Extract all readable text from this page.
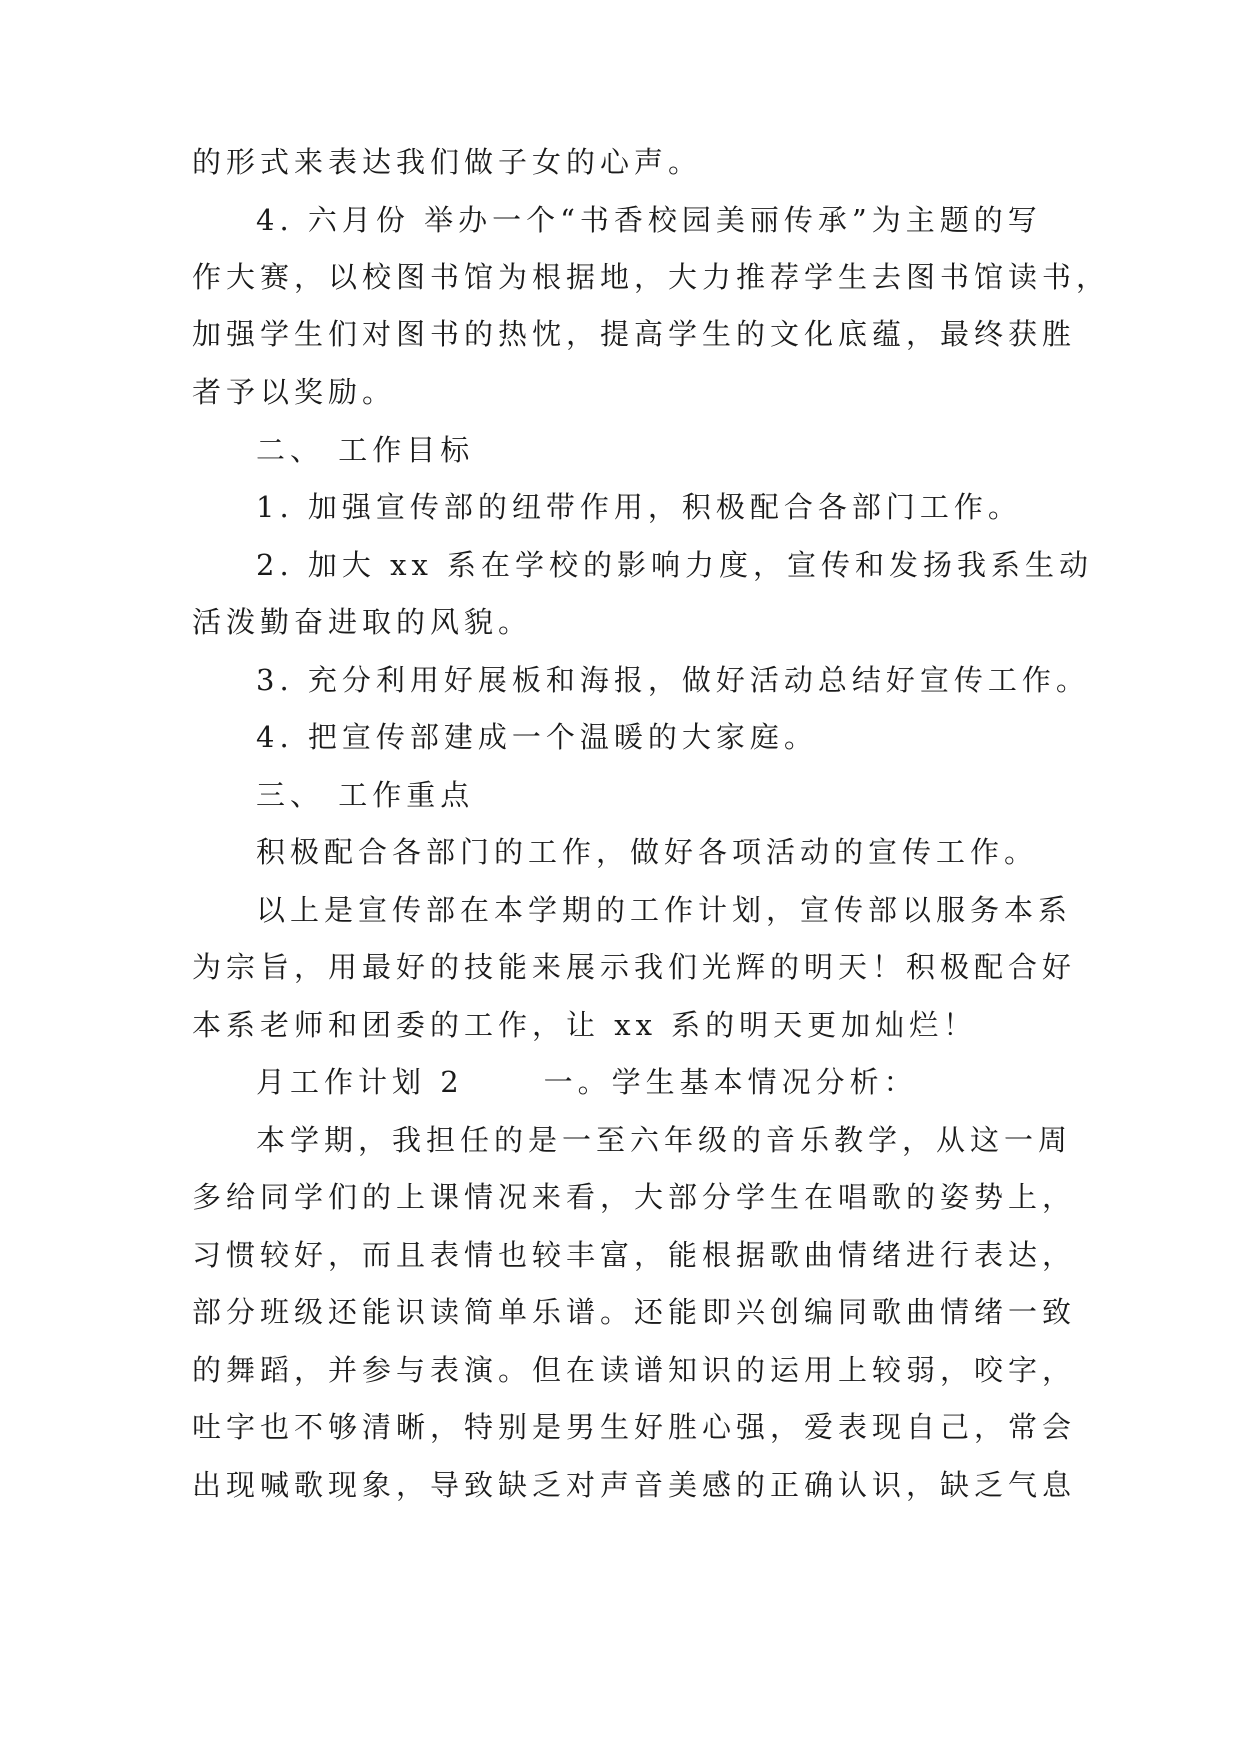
的形式来表达我们做子女的心声。
4. 六月份 举办一个“书香校园美丽传承”为主题的写
作大赛，以校图书馆为根据地，大力推荐学生去图书馆读书，
加强学生们对图书的热忱，提高学生的文化底蕴，最终获胜
者予以奖励。
二、 工作目标
1. 加强宣传部的纽带作用，积极配合各部门工作。
2. 加大 xx 系在学校的影响力度，宣传和发扬我系生动
活泼勤奋进取的风貌。
3. 充分利用好展板和海报，做好活动总结好宣传工作。
4. 把宣传部建成一个温暖的大家庭。
三、 工作重点
积极配合各部门的工作，做好各项活动的宣传工作。
以上是宣传部在本学期的工作计划，宣传部以服务本系
为宗旨，用最好的技能来展示我们光辉的明天！积极配合好
本系老师和团委的工作，让 xx 系的明天更加灿烂！
月工作计划 2	一。学生基本情况分析：
本学期，我担任的是一至六年级的音乐教学，从这一周
多给同学们的上课情况来看，大部分学生在唱歌的姿势上，
习惯较好，而且表情也较丰富，能根据歌曲情绪进行表达，
部分班级还能识读简单乐谱。还能即兴创编同歌曲情绪一致
的舞蹈，并参与表演。但在读谱知识的运用上较弱，咬字，
吐字也不够清晰，特别是男生好胜心强，爱表现自己，常会
出现喊歌现象，导致缺乏对声音美感的正确认识，缺乏气息
